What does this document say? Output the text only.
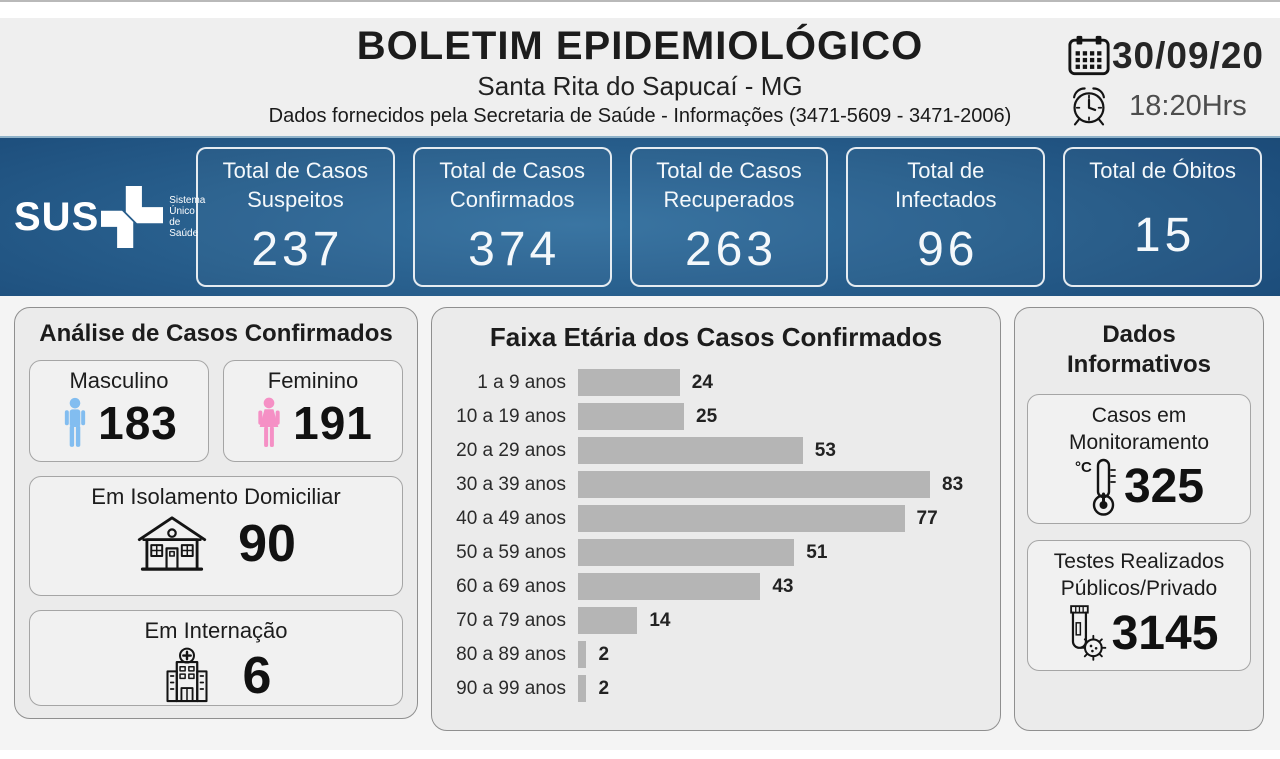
BOLETIM EPIDEMIOLÓGICO
Santa Rita do Sapucaí - MG
Dados fornecidos pela Secretaria de Saúde - Informações (3471-5609 - 3471-2006)
30/09/20
18:20Hrs
SUS	Sistema Único de Saúde
Total de Casos Suspeitos
237
Total de Casos Confirmados
374
Total de Casos Recuperados
263
Total de Infectados
96
Total de Óbitos
15
Análise de Casos Confirmados
Masculino
183
Feminino
191
Em Isolamento Domiciliar
90
Em Internação
6
Faixa Etária dos Casos Confirmados
1 a 9 anos	24
10 a 19 anos	25
20 a 29 anos	53
30 a 39 anos	83
40 a 49 anos	77
50 a 59 anos	51
60 a 69 anos	43
70 a 79 anos	14
80 a 89 anos	2
90 a 99 anos	2
Dados Informativos
Casos em Monitoramento
°C 325
Testes Realizados Públicos/Privado
3145
